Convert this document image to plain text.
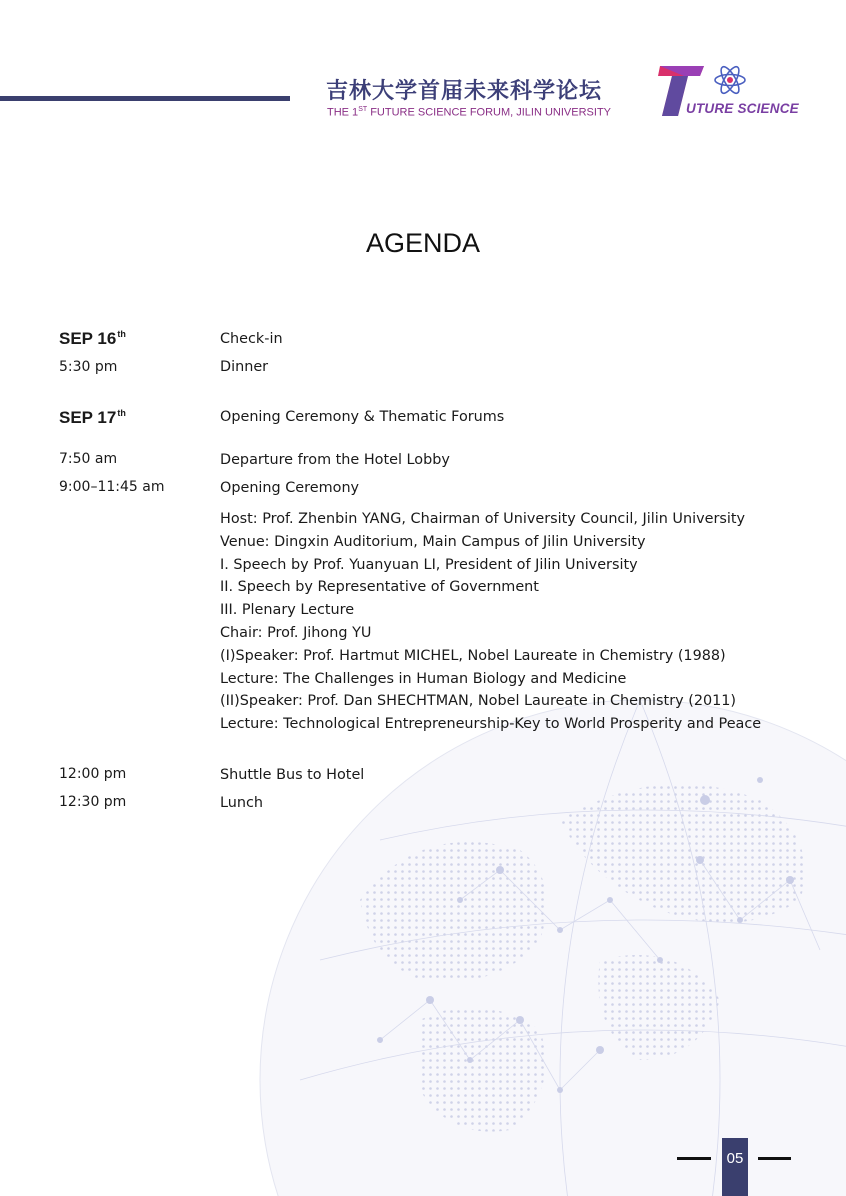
吉林大学首届未来科学论坛
THE 1ST FUTURE SCIENCE FORUM, JILIN UNIVERSITY	UTURE SCIENCE
AGENDA
SEP 16th	Check-in
5:30 pm	Dinner
SEP 17th	Opening Ceremony & Thematic Forums
7:50 am	Departure from the Hotel Lobby
9:00–11:45 am	Opening Ceremony
Host: Prof. Zhenbin YANG, Chairman of University Council, Jilin University
Venue: Dingxin Auditorium, Main Campus of Jilin University
I. Speech by Prof. Yuanyuan LI, President of Jilin University
II. Speech by Representative of Government
III. Plenary Lecture
Chair: Prof. Jihong YU
(I)Speaker: Prof. Hartmut MICHEL, Nobel Laureate in Chemistry (1988)
Lecture: The Challenges in Human Biology and Medicine
(II)Speaker: Prof. Dan SHECHTMAN, Nobel Laureate in Chemistry (2011)
Lecture: Technological Entrepreneurship-Key to World Prosperity and Peace
12:00 pm	Shuttle Bus to Hotel
12:30 pm	Lunch
05
